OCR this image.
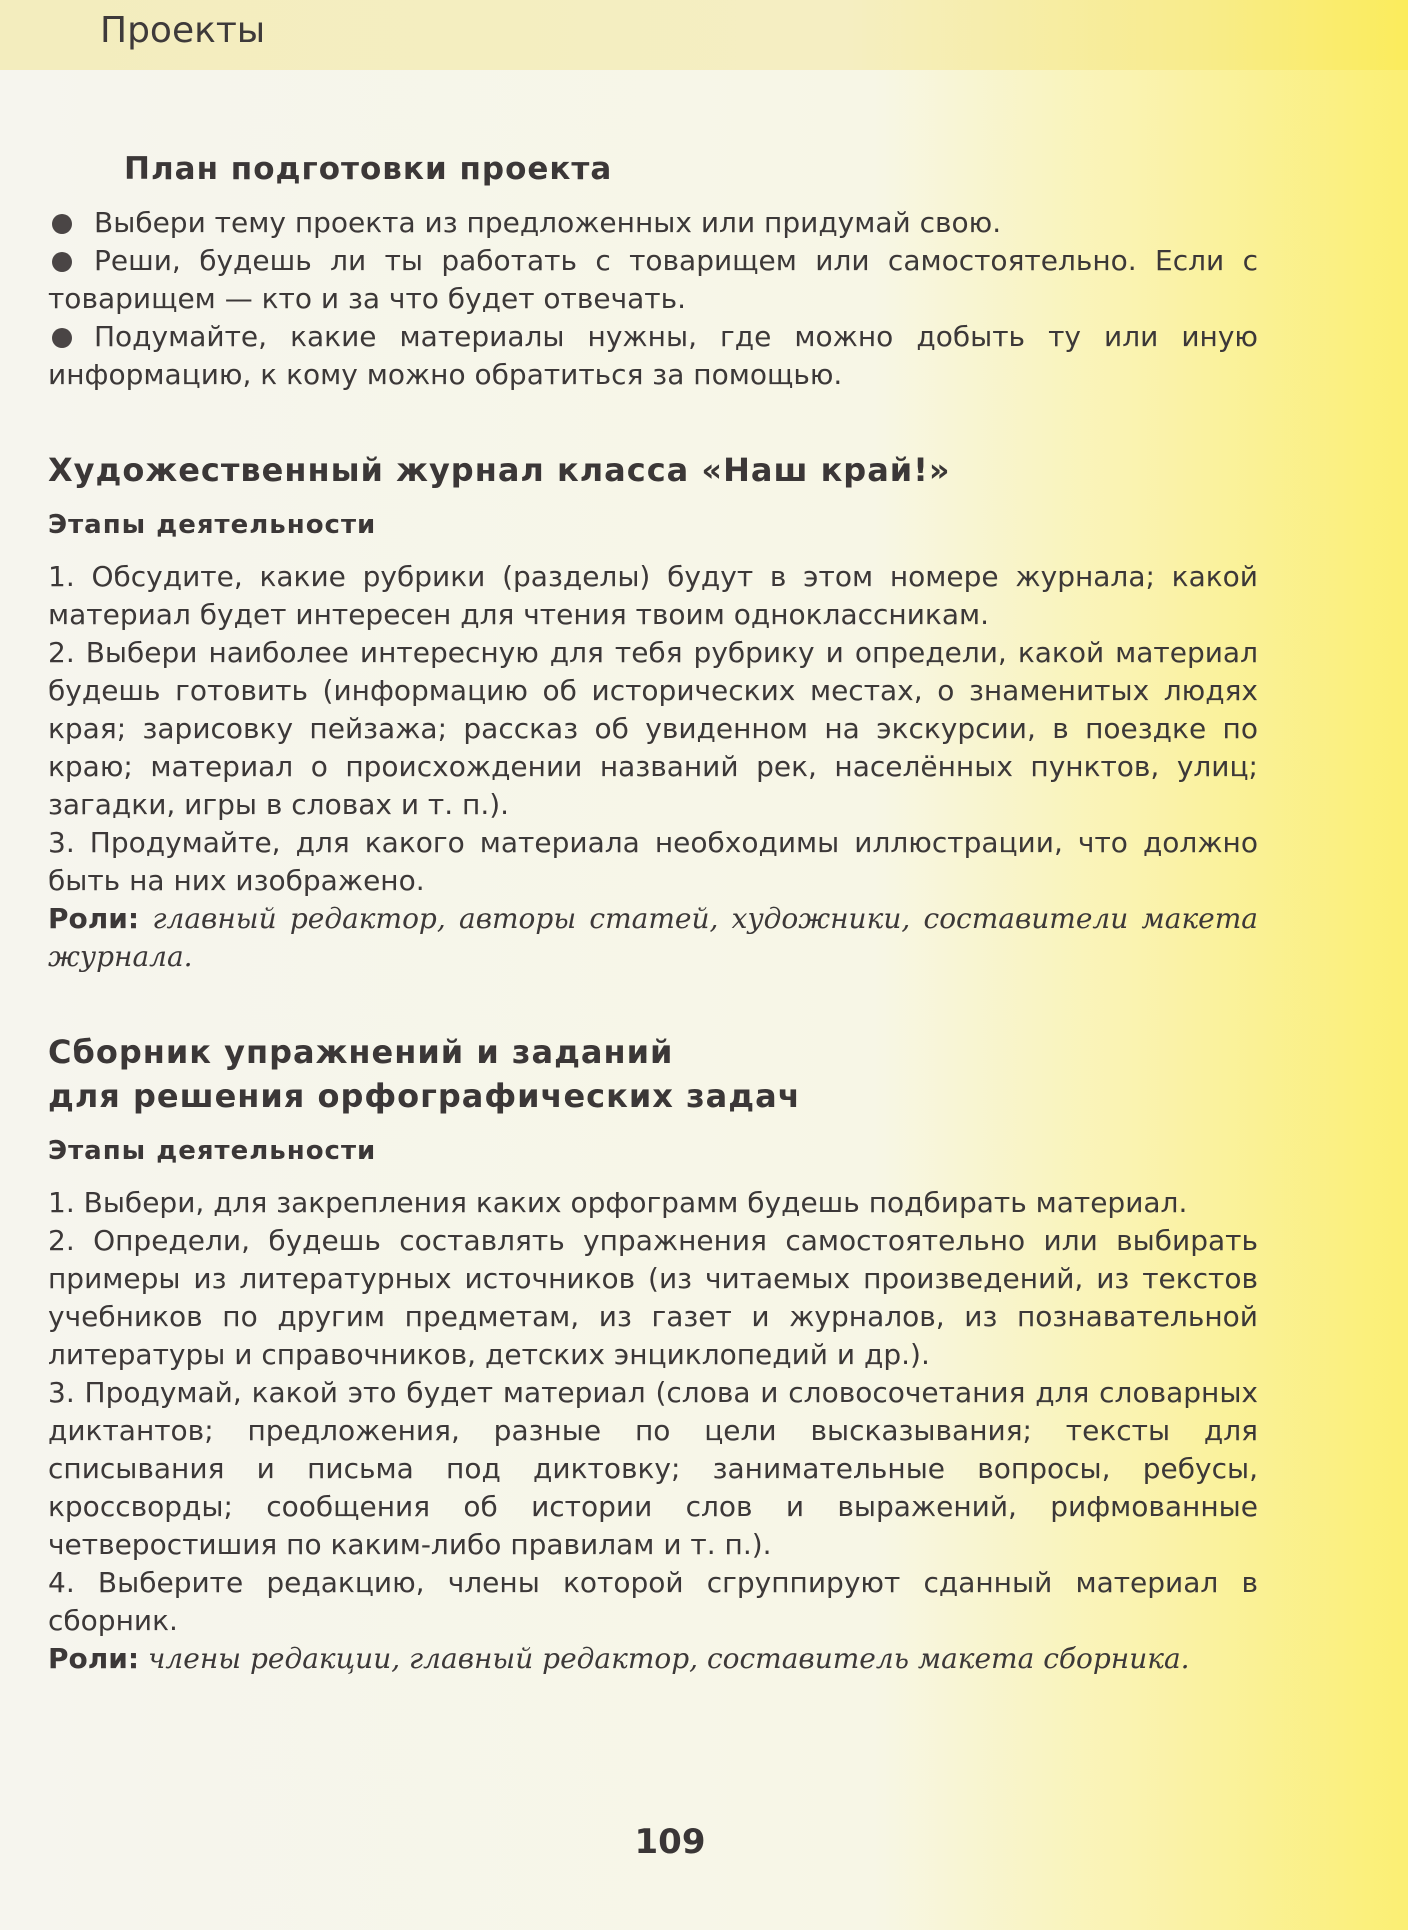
Проекты
План подготовки проекта

Выбери тему проекта из предложенных или придумай свою.

Реши, будешь ли ты работать с товарищем или самостоятельно. Если с товарищем — кто и за что будет отвечать.

Подумайте, какие материалы нужны, где можно добыть ту или иную информацию, к кому можно обратиться за помощью.

Художественный журнал класса «Наш край!»
Этапы деятельности

1. Обсудите, какие рубрики (разделы) будут в этом номере журнала; какой материал будет интересен для чтения твоим одноклассникам.

2. Выбери наиболее интересную для тебя рубрику и определи, какой материал будешь готовить (информацию об исторических местах, о знаменитых людях края; зарисовку пейзажа; рассказ об увиденном на экскурсии, в поездке по краю; материал о происхождении названий рек, населённых пунктов, улиц; загадки, игры в словах и т. п.).

3. Продумайте, для какого материала необходимы иллюстрации, что должно быть на них изображено.

Роли: главный редактор, авторы статей, художники, составители макета журнала.

Сборник упражнений и заданий
для решения орфографических задач
Этапы деятельности

1. Выбери, для закрепления каких орфограмм будешь подбирать материал.

2. Определи, будешь составлять упражнения самостоятельно или выбирать примеры из литературных источников (из читаемых произведений, из текстов учебников по другим предметам, из газет и журналов, из познавательной литературы и справочников, детских энциклопедий и др.).

3. Продумай, какой это будет материал (слова и словосочетания для словарных диктантов; предложения, разные по цели высказывания; тексты для списывания и письма под диктовку; занимательные вопросы, ребусы, кроссворды; сообщения об истории слов и выражений, рифмованные четверостишия по каким-либо правилам и т. п.).

4. Выберите редакцию, члены которой сгруппируют сданный материал в сборник.

Роли: члены редакции, главный редактор, составитель макета сборника.

109
